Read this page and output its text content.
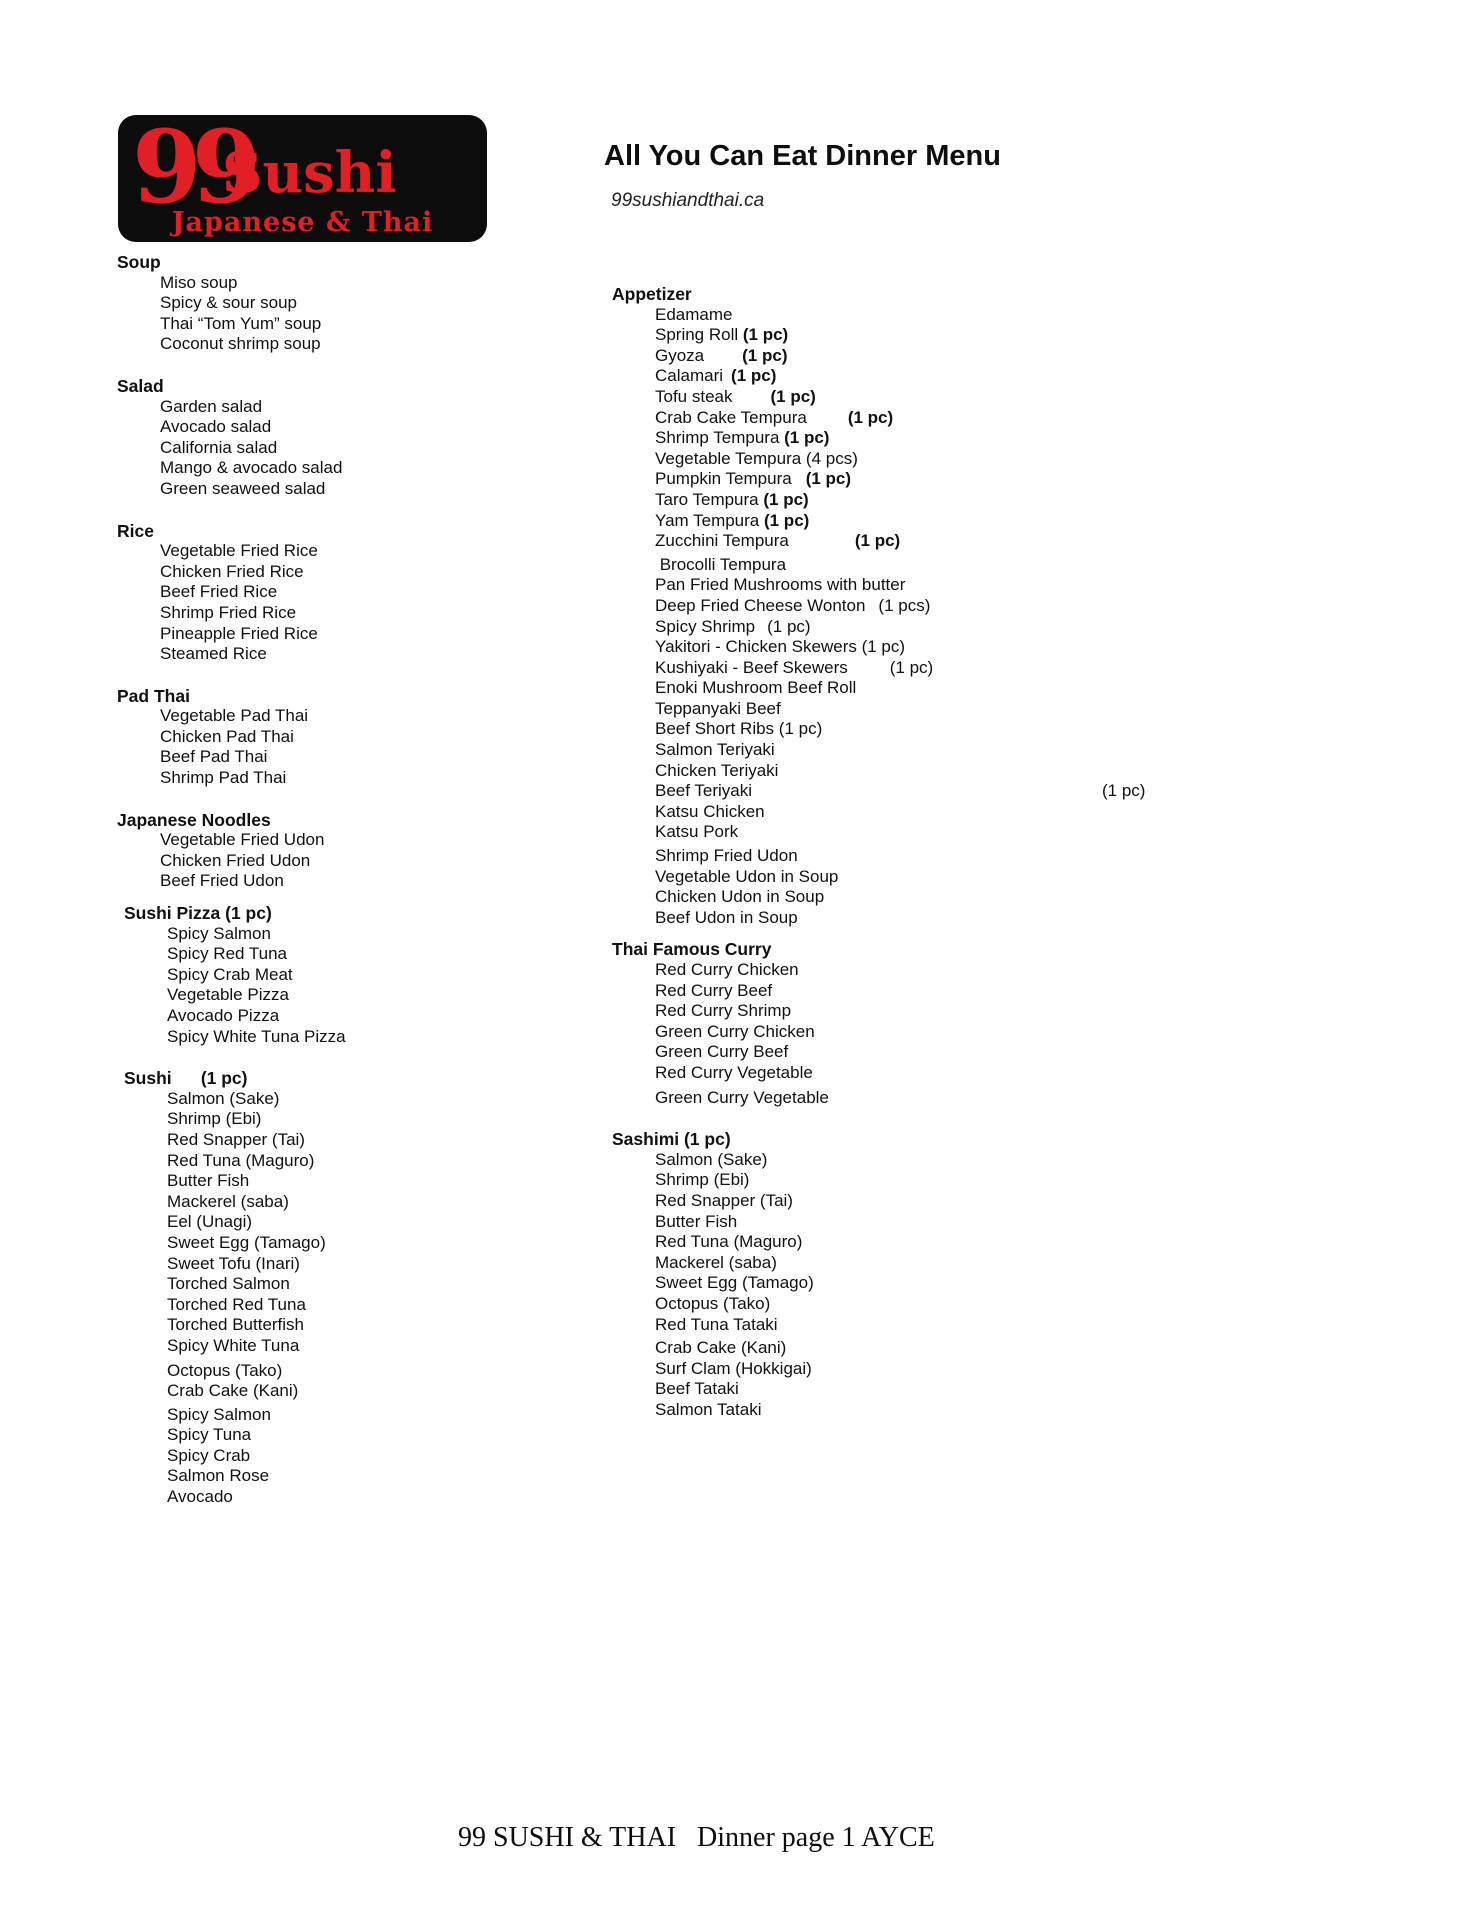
99
Sushi
Japanese & Thai
All You Can Eat Dinner Menu
99sushiandthai.ca
Soup
Miso soup
Spicy & sour soup
Thai “Tom Yum” soup
Coconut shrimp soup
Salad
Garden salad
Avocado salad
California salad
Mango & avocado salad
Green seaweed salad
Rice
Vegetable Fried Rice
Chicken Fried Rice
Beef Fried Rice
Shrimp Fried Rice
Pineapple Fried Rice
Steamed Rice
Pad Thai
Vegetable Pad Thai
Chicken Pad Thai
Beef Pad Thai
Shrimp Pad Thai
Japanese Noodles
Vegetable Fried Udon
Chicken Fried Udon
Beef Fried Udon
Sushi Pizza (1 pc)
Spicy Salmon
Spicy Red Tuna
Spicy Crab Meat
Vegetable Pizza
Avocado Pizza
Spicy White Tuna Pizza
Sushi      (1 pc)
Salmon (Sake)
Shrimp (Ebi)
Red Snapper (Tai)
Red Tuna (Maguro)
Butter Fish
Mackerel (saba)
Eel (Unagi)
Sweet Egg (Tamago)
Sweet Tofu (Inari)
Torched Salmon
Torched Red Tuna
Torched Butterfish
Spicy White Tuna
Octopus (Tako)
Crab Cake (Kani)
Spicy Salmon
Spicy Tuna
Spicy Crab
Salmon Rose
Avocado
Appetizer
Edamame
Spring Roll (1 pc)
Gyoza (1 pc)
Calamari (1 pc)
Tofu steak (1 pc)
Crab Cake Tempura (1 pc)
Shrimp Tempura (1 pc)
Vegetable Tempura (4 pcs)
Pumpkin Tempura (1 pc)
Taro Tempura (1 pc)
Yam Tempura (1 pc)
Zucchini Tempura	(1 pc)
Brocolli Tempura
Pan Fried Mushrooms with butter
Deep Fried Cheese Wonton (1 pcs)
Spicy Shrimp (1 pc)
Yakitori - Chicken Skewers (1 pc)
Kushiyaki - Beef Skewers (1 pc)
Enoki Mushroom Beef Roll
Teppanyaki Beef
Beef Short Ribs (1 pc)
Salmon Teriyaki
Chicken Teriyaki
Beef Teriyaki	(1 pc)
Katsu Chicken
Katsu Pork
Shrimp Fried Udon
Vegetable Udon in Soup
Chicken Udon in Soup
Beef Udon in Soup
Thai Famous Curry
Red Curry Chicken
Red Curry Beef
Red Curry Shrimp
Green Curry Chicken
Green Curry Beef
Red Curry Vegetable
Green Curry Vegetable
Sashimi (1 pc)
Salmon (Sake)
Shrimp (Ebi)
Red Snapper (Tai)
Butter Fish
Red Tuna (Maguro)
Mackerel (saba)
Sweet Egg (Tamago)
Octopus (Tako)
Red Tuna Tataki
Crab Cake (Kani)
Surf Clam (Hokkigai)
Beef Tataki
Salmon Tataki
99 SUSHI & THAI   Dinner page 1 AYCE
